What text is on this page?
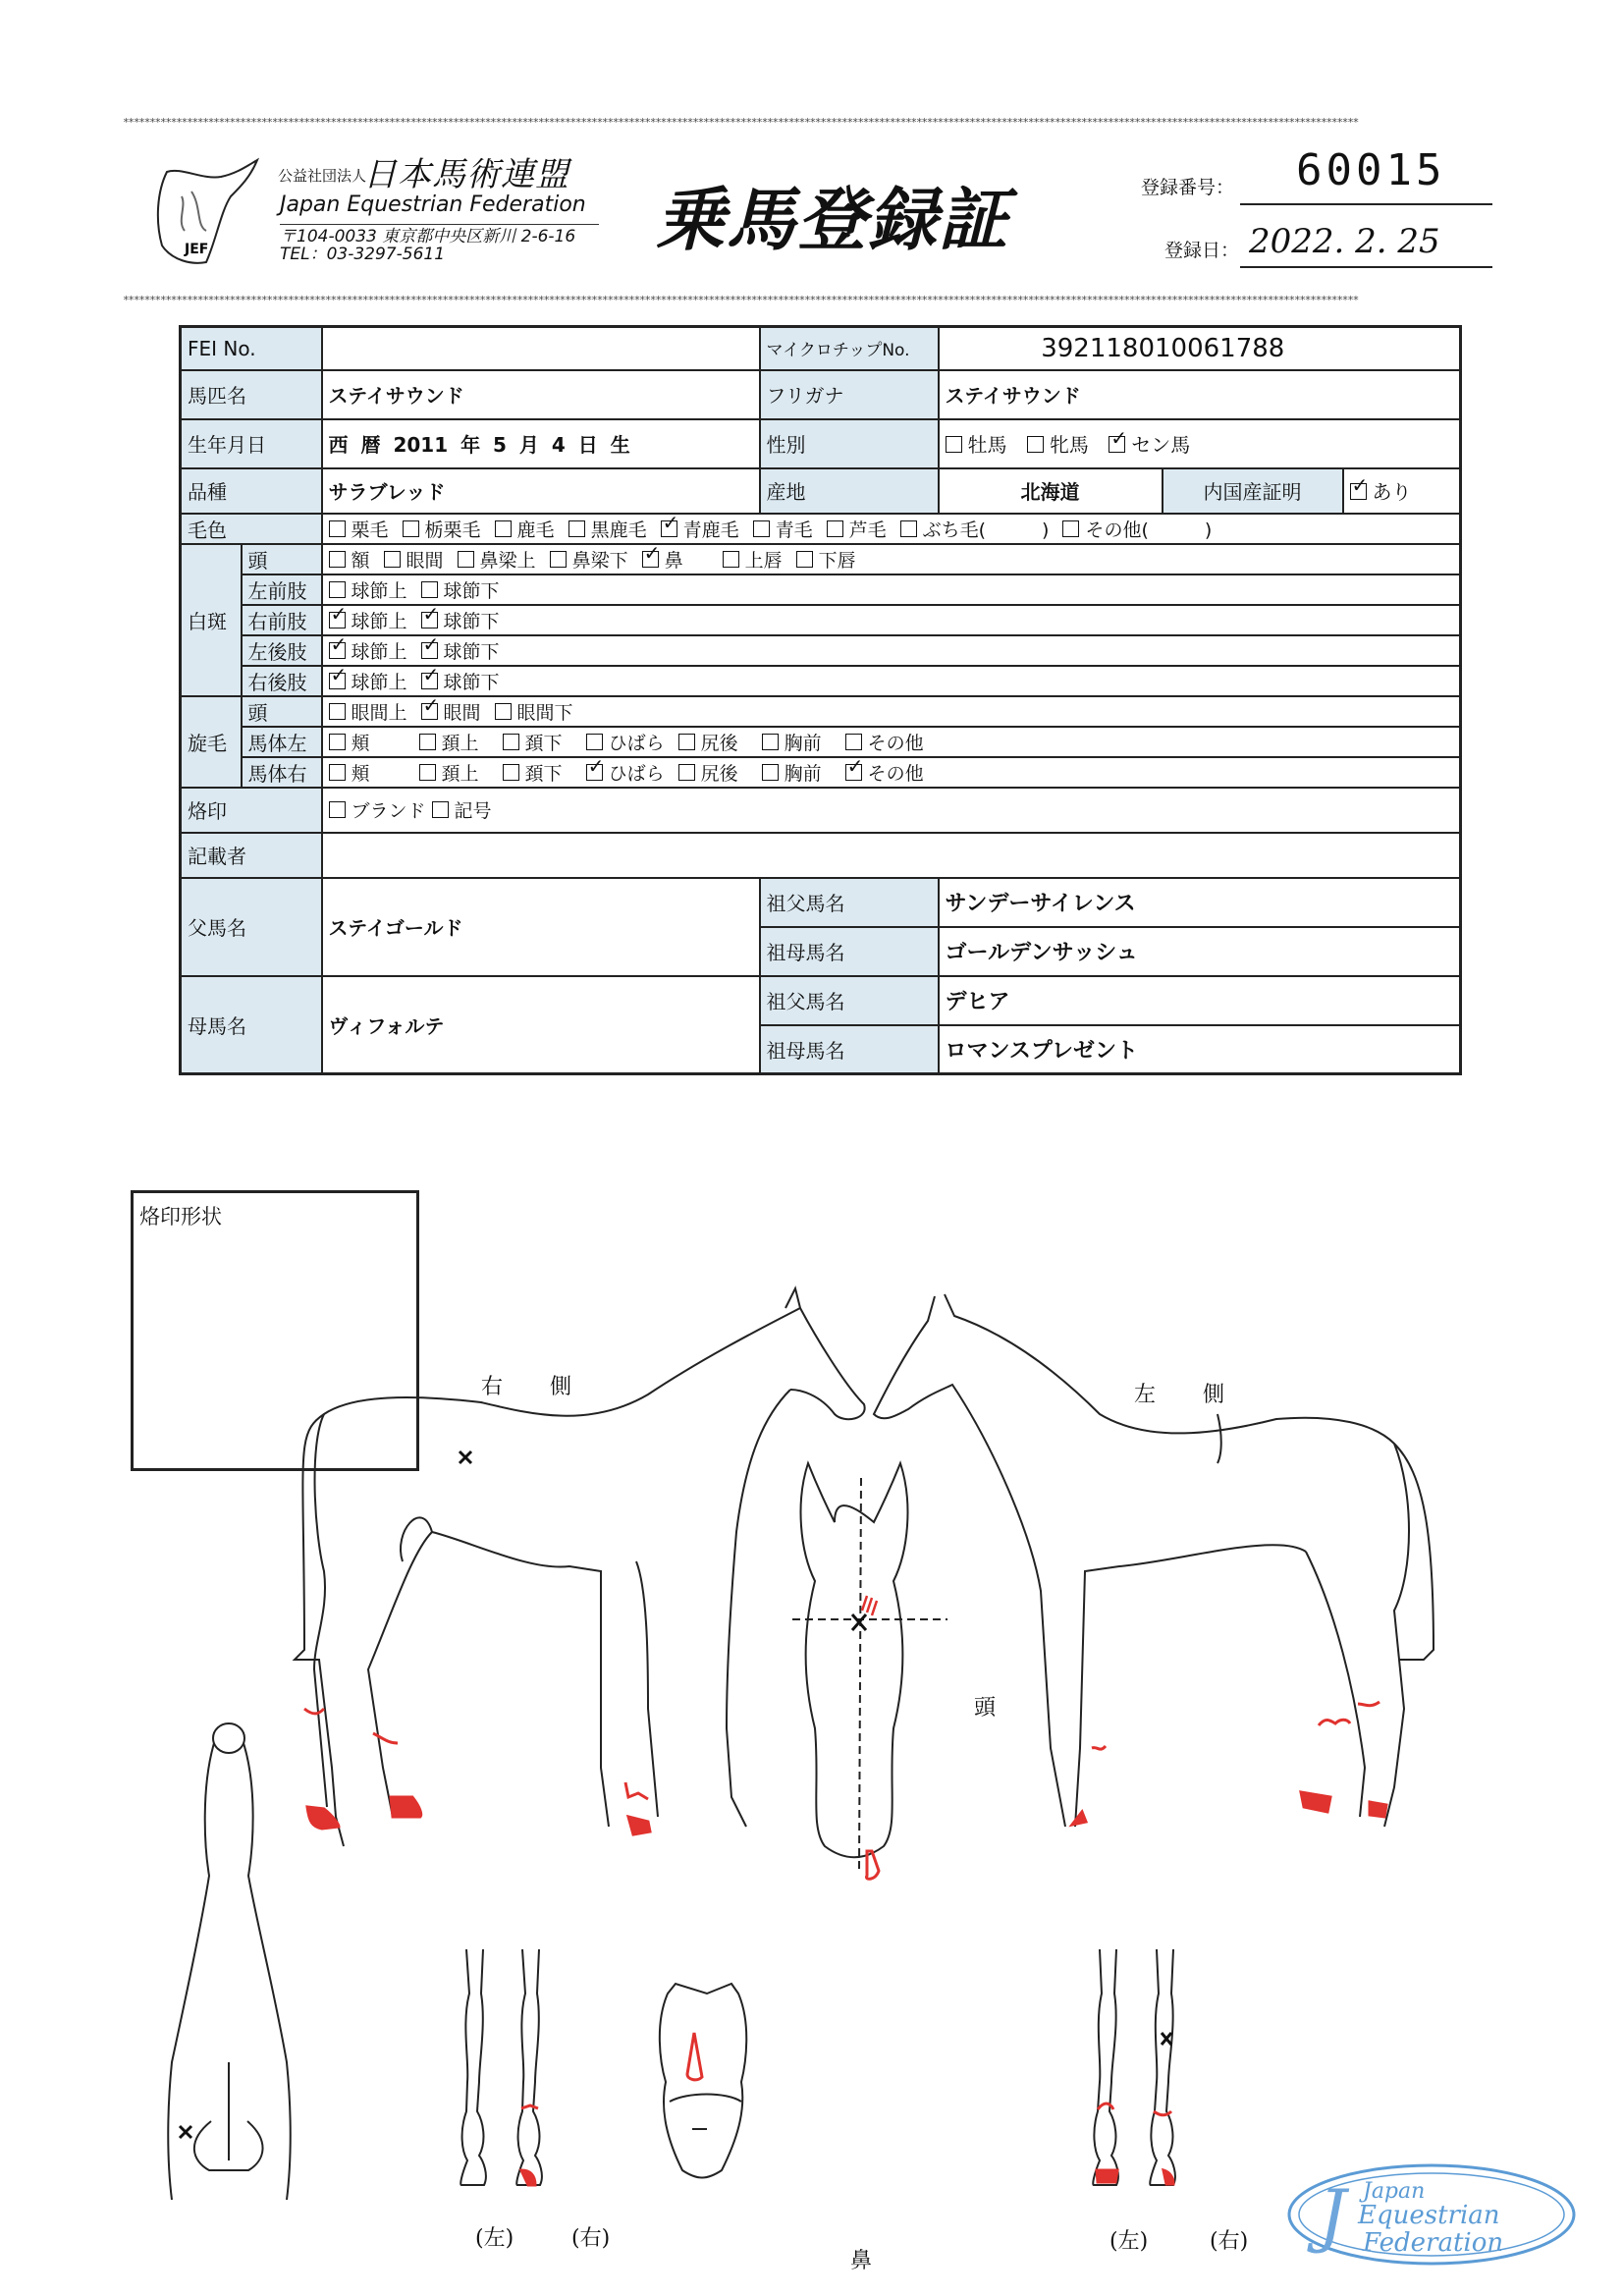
****************************************************************************************************************************************************************************************************************************************
****************************************************************************************************************************************************************************************************************************************
JEF
公益社団法人
日本馬術連盟
Japan Equestrian Federation
〒104-0033 東京都中央区新川 2-6-16
TEL：03-3297-5611	乗馬登録証	登録番号： 60015
登録日： 2022. 2. 25
FEI No.			マイクロチップNo.	392118010061788		
馬匹名		ステイサウンド	フリガナ	ステイサウンド		
生年月日		西 暦 2011 年 5 月 4 日 生	性別	牡馬 牝馬 ✓ セン馬
品種		サラブレッド	産地	北海道	内国産証明	✓あり
毛色		栗毛 栃栗毛 鹿毛 黒鹿毛 ✓ 青鹿毛 青毛 芦毛 ぶち毛(　　　) その他(　　　)
白斑	頭	額 眼間 鼻梁上 鼻梁下 ✓ 鼻 上唇 下唇
	左前肢	球節上 球節下				
	右前肢	✓球節上 ✓ 球節下
	左後肢	✓球節上 ✓ 球節下
	右後肢	✓球節上 ✓ 球節下
旋毛	頭	眼間上 ✓ 眼間 眼間下
	馬体左	頬 頚上 頚下 ひばら 尻後 胸前 その他				
	馬体右	頬 頚上 頚下 ✓ ひばら 尻後 胸前 ✓ その他
烙印		ブランド 記号				
記載者						
父馬名		ステイゴールド	祖父馬名	サンデーサイレンス		
			祖母馬名	ゴールデンサッシュ		
母馬名		ヴィフォルテ	祖父馬名	デヒア		
			祖母馬名	ロマンスプレゼント		
烙印形状
右側	左側
頭
鼻
(左)	(右)	(左)	(右) J Japan
Equestrian
Federation
